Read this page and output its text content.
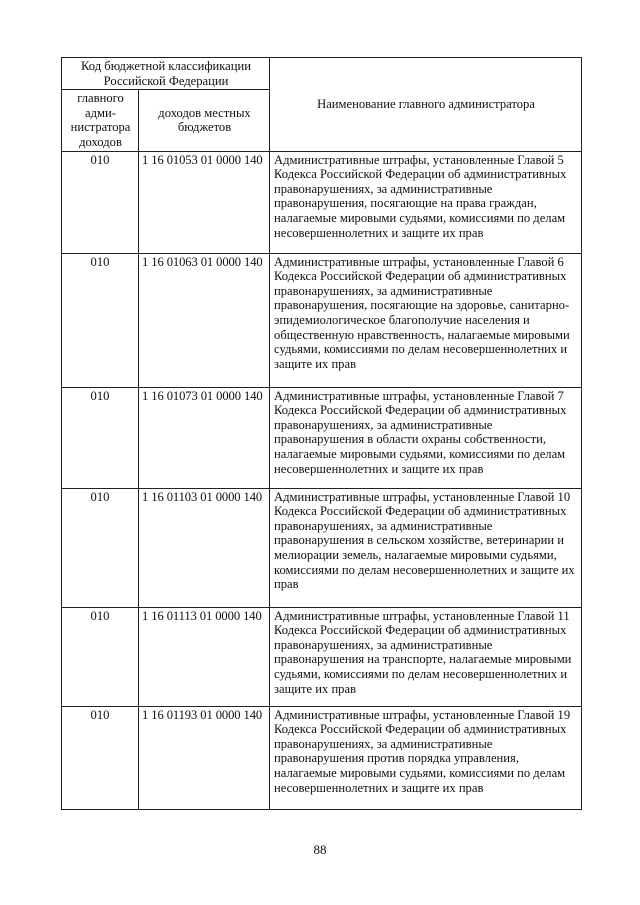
Код бюджетной классификации Российской Федерации		Наименование главного администратора
главного адми-нистратора доходов	доходов местных бюджетов	
010	1 16 01053 01 0000 140	Административные штрафы, установленные Главой 5 Кодекса Российской Федерации об административных правонарушениях, за административные правонарушения, посягающие на права граждан, налагаемые мировыми судьями, комиссиями по делам несовершеннолетних и защите их прав
010	1 16 01063 01 0000 140	Административные штрафы, установленные Главой 6 Кодекса Российской Федерации об административных правонарушениях, за административные правонарушения, посягающие на здоровье, санитарно-эпидемиологическое благополучие населения и общественную нравственность, налагаемые мировыми судьями, комиссиями по делам несовершеннолетних и защите их прав
010	1 16 01073 01 0000 140	Административные штрафы, установленные Главой 7 Кодекса Российской Федерации об административных правонарушениях, за административные правонарушения в области охраны собственности, налагаемые мировыми судьями, комиссиями по делам несовершеннолетних и защите их прав
010	1 16 01103 01 0000 140	Административные штрафы, установленные Главой 10 Кодекса Российской Федерации об административных правонарушениях, за административные правонарушения в сельском хозяйстве, ветеринарии и мелиорации земель, налагаемые мировыми судьями, комиссиями по делам несовершеннолетних и защите их прав
010	1 16 01113 01 0000 140	Административные штрафы, установленные Главой 11 Кодекса Российской Федерации об административных правонарушениях, за административные правонарушения на транспорте, налагаемые мировыми судьями, комиссиями по делам несовершеннолетних и защите их прав
010	1 16 01193 01 0000 140	Административные штрафы, установленные Главой 19 Кодекса Российской Федерации об административных правонарушениях, за административные правонарушения против порядка управления, налагаемые мировыми судьями, комиссиями по делам несовершеннолетних и защите их прав
88
